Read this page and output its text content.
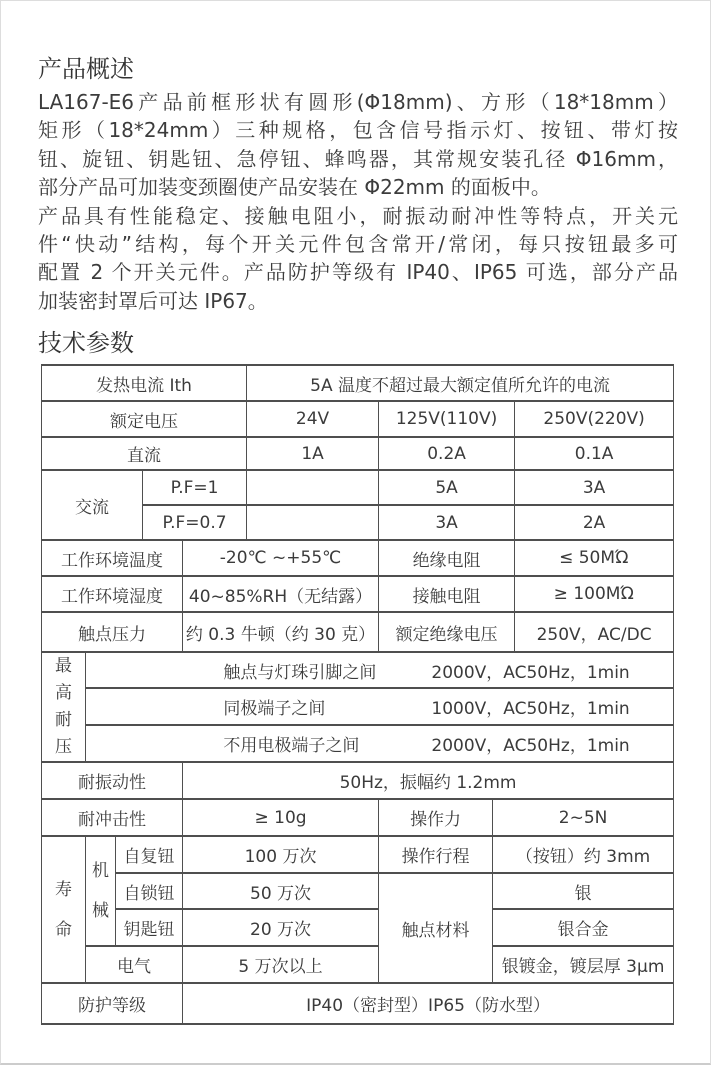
产品概述
LA167-E6产品前框形状有圆形(Φ18mm)、方形（18*18mm）
矩形（18*24mm）三种规格，包含信号指示灯、按钮、带灯按
钮、旋钮、钥匙钮、急停钮、蜂鸣器，其常规安装孔径 Φ16mm，
部分产品可加装变颈圈使产品安装在 Φ22mm 的面板中。
产品具有性能稳定、接触电阻小，耐振动耐冲性等特点，开关元
件“快动”结构，每个开关元件包含常开/常闭，每只按钮最多可
配置 2 个开关元件。产品防护等级有 IP40、IP65 可选，部分产品
加装密封罩后可达 IP67。
技术参数
发热电流 Ith					5A 温度不超过最大额定值所允许的电流			
额定电压					24V	125V(110V)		250V(220V)
直流					1A	0.2A		0.1A
交流			P.F=1			5A		3A
			P.F=0.7			3A		2A
工作环境温度				-20℃ ~+55℃		绝缘电阻		≤ 50MΏ
工作环境湿度				40~85%RH（无结露）		接触电阻		≥ 100MΏ
触点压力				约 0.3 牛顿（约 30 克）		额定绝缘电压		250V，AC/DC
最高耐压	触点与灯珠引脚之间 2000V，AC50Hz，1min							
	同极端子之间 1000V，AC50Hz，1min							
	不用电极端子之间 2000V，AC50Hz，1min							
耐振动性				50Hz，振幅约 1.2mm				
耐冲击性				≥ 10g		操作力	2~5N	
寿命	机械	自复钮		100 万次		操作行程	（按钮）约 3mm	
		自锁钮		50 万次		触点材料	银	
		钥匙钮		20 万次			银合金	
	电气			5 万次以上			银镀金，镀层厚 3μm	
防护等级				IP40（密封型）IP65（防水型）				
